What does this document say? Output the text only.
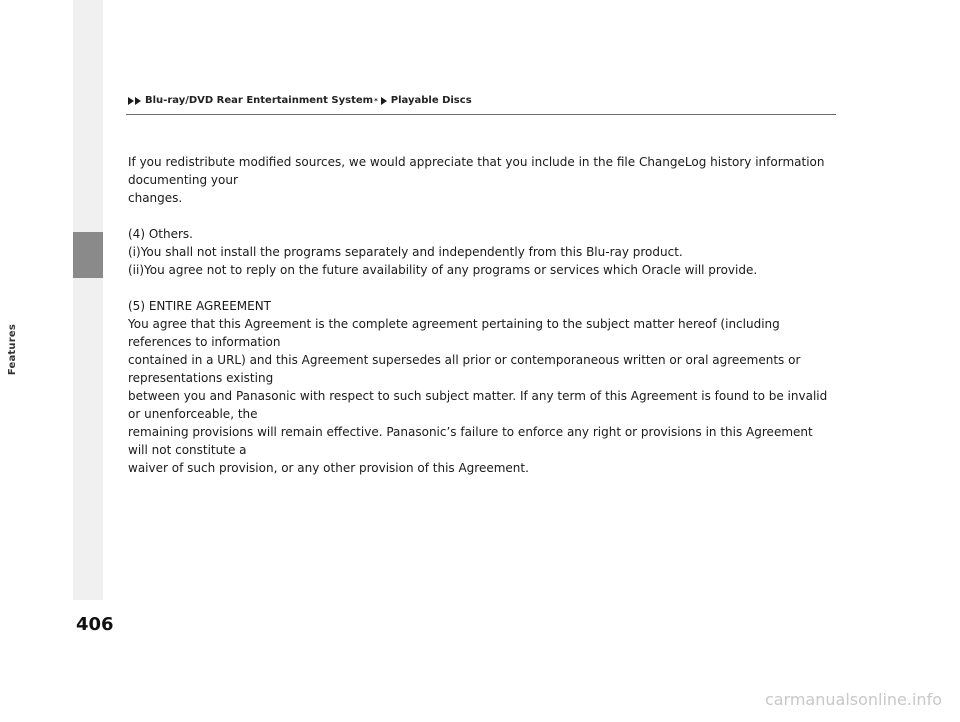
Features
Blu-ray/DVD Rear Entertainment System * Playable Discs

If you redistribute modified sources, we would appreciate that you include in the file ChangeLog history information documenting your

changes.

(4) Others.

(i)You shall not install the programs separately and independently from this Blu-ray product.

(ii)You agree not to reply on the future availability of any programs or services which Oracle will provide.

(5) ENTIRE AGREEMENT

You agree that this Agreement is the complete agreement pertaining to the subject matter hereof (including references to information

contained in a URL) and this Agreement supersedes all prior or contemporaneous written or oral agreements or representations existing

between you and Panasonic with respect to such subject matter. If any term of this Agreement is found to be invalid or unenforceable, the

remaining provisions will remain effective. Panasonic’s failure to enforce any right or provisions in this Agreement will not constitute a

waiver of such provision, or any other provision of this Agreement.

406
carmanualsonline.info
